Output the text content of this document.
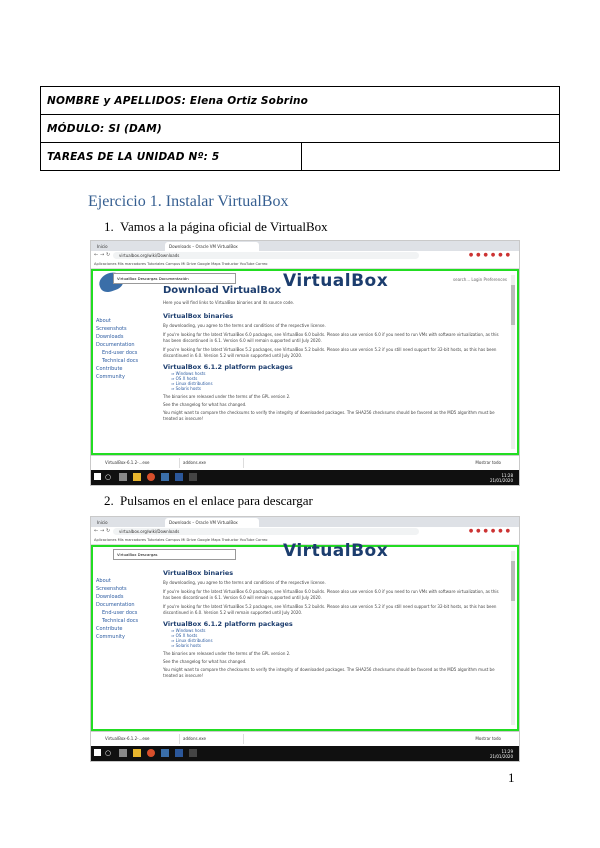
NOMBRE y APELLIDOS: Elena Ortiz Sobrino
MÓDULO: SI (DAM)
TAREAS DE LA UNIDAD Nº: 5	
Ejercicio 1. Instalar VirtualBox
1. Vamos a la página oficial de VirtualBox
Inicio	Downloads – Oracle VM VirtualBox
← → ↻	virtualbox.org/wiki/Downloads	●●●●●●
Aplicaciones Mis marcadores Tutoriales Campus Mi Drive Google Maps Traductor YouTube Correo
VirtualBox
VirtualBox Descargas Documentación	search... Login Preferences
About
Screenshots
Downloads
Documentation
End-user docs
Technical docs
Contribute
Community
Download VirtualBox
Here you will find links to VirtualBox binaries and its source code.
VirtualBox binaries
By downloading, you agree to the terms and conditions of the respective license.
If you're looking for the latest VirtualBox 6.0 packages, see VirtualBox 6.0 builds. Please also use version 6.0 if you need to run VMs with software virtualization, as this has been discontinued in 6.1. Version 6.0 will remain supported until July 2020.
If you're looking for the latest VirtualBox 5.2 packages, see VirtualBox 5.2 builds. Please also use version 5.2 if you still need support for 32-bit hosts, as this has been discontinued in 6.0. Version 5.2 will remain supported until July 2020.
VirtualBox 6.1.2 platform packages
⇒ Windows hosts
⇒ OS X hosts
⇒ Linux distributions
⇒ Solaris hosts
The binaries are released under the terms of the GPL version 2.
See the changelog for what has changed.
You might want to compare the checksums to verify the integrity of downloaded packages. The SHA256 checksums should be favored as the MD5 algorithm must be treated as insecure!
VirtualBox-6.1.2-...exe	addons.exe	Mostrar todo
○	11:28
21/01/2020
2. Pulsamos en el enlace para descargar
Inicio	Downloads – Oracle VM VirtualBox
← → ↻	virtualbox.org/wiki/Downloads	●●●●●●
Aplicaciones Mis marcadores Tutoriales Campus Mi Drive Google Maps Traductor YouTube Correo
VirtualBox
VirtualBox Descargas
About
Screenshots
Downloads
Documentation
End-user docs
Technical docs
Contribute
Community
VirtualBox binaries
By downloading, you agree to the terms and conditions of the respective license.
If you're looking for the latest VirtualBox 6.0 packages, see VirtualBox 6.0 builds. Please also use version 6.0 if you need to run VMs with software virtualization, as this has been discontinued in 6.1. Version 6.0 will remain supported until July 2020.
If you're looking for the latest VirtualBox 5.2 packages, see VirtualBox 5.2 builds. Please also use version 5.2 if you still need support for 32-bit hosts, as this has been discontinued in 6.0. Version 5.2 will remain supported until July 2020.
VirtualBox 6.1.2 platform packages
⇒ Windows hosts
⇒ OS X hosts
⇒ Linux distributions
⇒ Solaris hosts
The binaries are released under the terms of the GPL version 2.
See the changelog for what has changed.
You might want to compare the checksums to verify the integrity of downloaded packages. The SHA256 checksums should be favored as the MD5 algorithm must be treated as insecure!
VirtualBox-6.1.2-...exe	addons.exe	Mostrar todo
○	11:29
21/01/2020
1
